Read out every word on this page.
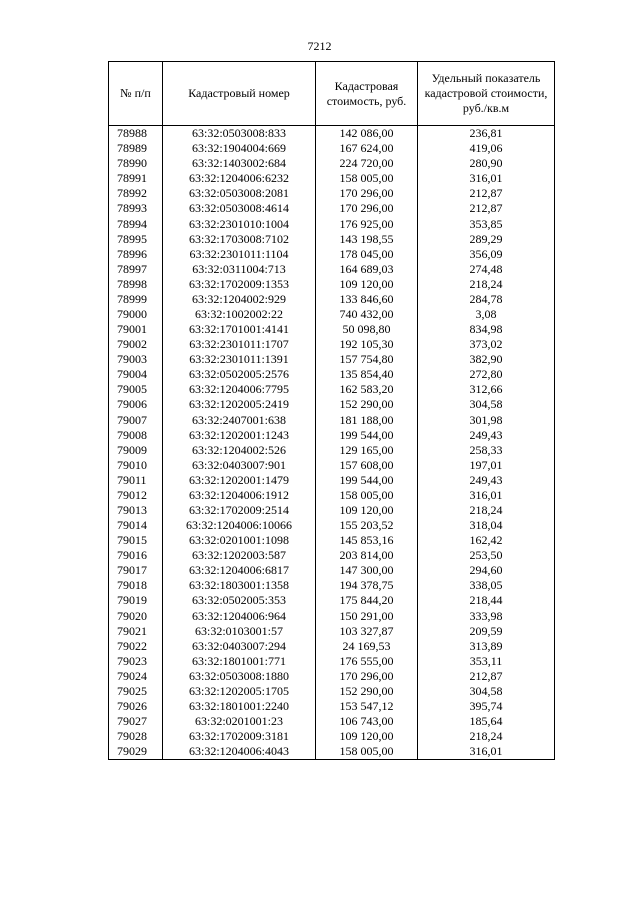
7212
№ п/п	Кадастровый номер	Кадастровая стоимость, руб.	Удельный показатель кадастровой стоимости, руб./кв.м
78988	63:32:0503008:833	142 086,00	236,81
78989	63:32:1904004:669	167 624,00	419,06
78990	63:32:1403002:684	224 720,00	280,90
78991	63:32:1204006:6232	158 005,00	316,01
78992	63:32:0503008:2081	170 296,00	212,87
78993	63:32:0503008:4614	170 296,00	212,87
78994	63:32:2301010:1004	176 925,00	353,85
78995	63:32:1703008:7102	143 198,55	289,29
78996	63:32:2301011:1104	178 045,00	356,09
78997	63:32:0311004:713	164 689,03	274,48
78998	63:32:1702009:1353	109 120,00	218,24
78999	63:32:1204002:929	133 846,60	284,78
79000	63:32:1002002:22	740 432,00	3,08
79001	63:32:1701001:4141	50 098,80	834,98
79002	63:32:2301011:1707	192 105,30	373,02
79003	63:32:2301011:1391	157 754,80	382,90
79004	63:32:0502005:2576	135 854,40	272,80
79005	63:32:1204006:7795	162 583,20	312,66
79006	63:32:1202005:2419	152 290,00	304,58
79007	63:32:2407001:638	181 188,00	301,98
79008	63:32:1202001:1243	199 544,00	249,43
79009	63:32:1204002:526	129 165,00	258,33
79010	63:32:0403007:901	157 608,00	197,01
79011	63:32:1202001:1479	199 544,00	249,43
79012	63:32:1204006:1912	158 005,00	316,01
79013	63:32:1702009:2514	109 120,00	218,24
79014	63:32:1204006:10066	155 203,52	318,04
79015	63:32:0201001:1098	145 853,16	162,42
79016	63:32:1202003:587	203 814,00	253,50
79017	63:32:1204006:6817	147 300,00	294,60
79018	63:32:1803001:1358	194 378,75	338,05
79019	63:32:0502005:353	175 844,20	218,44
79020	63:32:1204006:964	150 291,00	333,98
79021	63:32:0103001:57	103 327,87	209,59
79022	63:32:0403007:294	24 169,53	313,89
79023	63:32:1801001:771	176 555,00	353,11
79024	63:32:0503008:1880	170 296,00	212,87
79025	63:32:1202005:1705	152 290,00	304,58
79026	63:32:1801001:2240	153 547,12	395,74
79027	63:32:0201001:23	106 743,00	185,64
79028	63:32:1702009:3181	109 120,00	218,24
79029	63:32:1204006:4043	158 005,00	316,01
